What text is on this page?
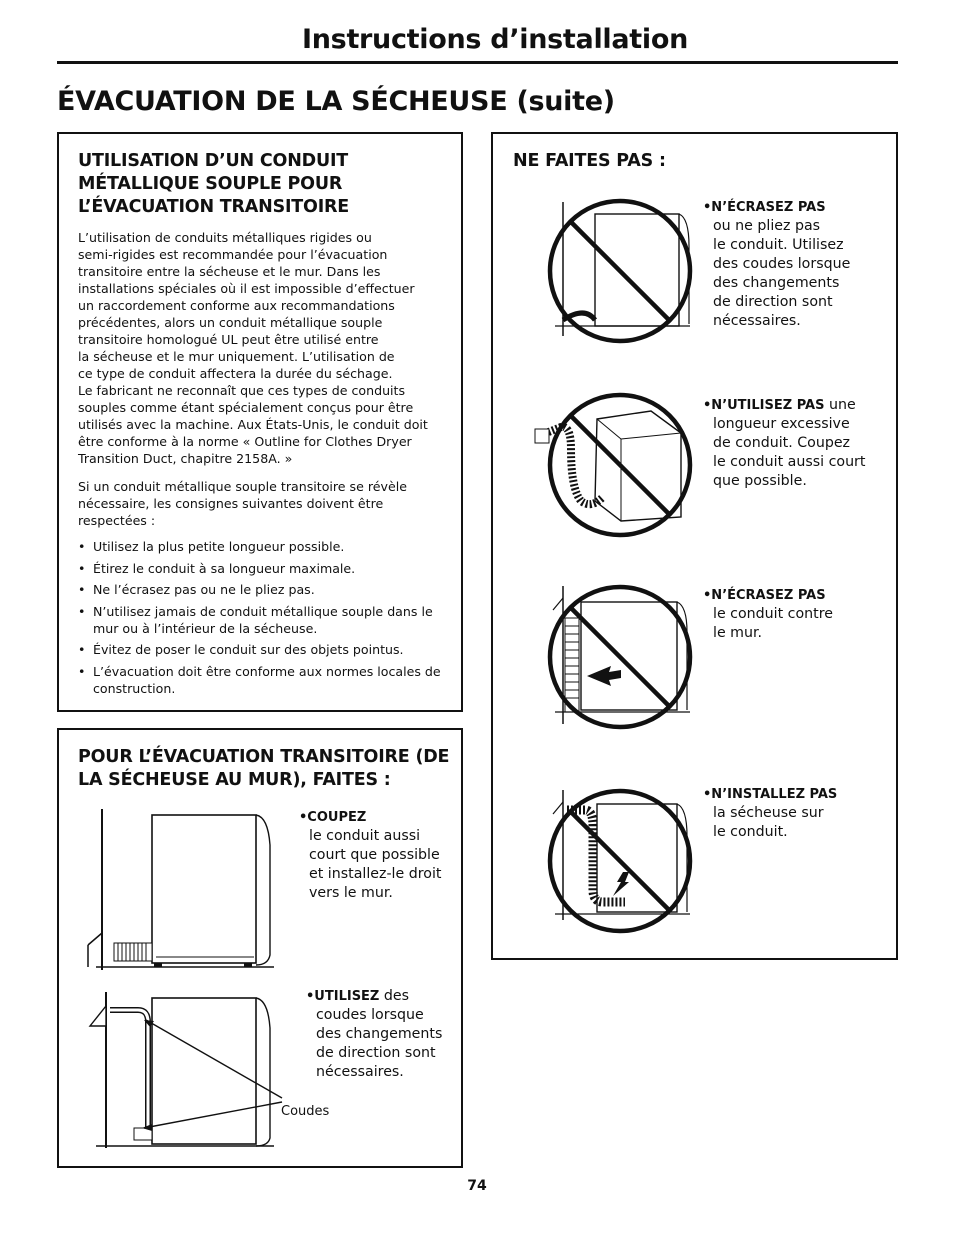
Instructions d’installation
ÉVACUATION DE LA SÉCHEUSE (suite)
UTILISATION D’UN CONDUIT MÉTALLIQUE SOUPLE POUR L’ÉVACUATION TRANSITOIRE

L’utilisation de conduits métalliques rigides ou
semi-rigides est recommandée pour l’évacuation
transitoire entre la sécheuse et le mur. Dans les
installations spéciales où il est impossible d’effectuer
un raccordement conforme aux recommandations
précédentes, alors un conduit métallique souple
transitoire homologué UL peut être utilisé entre
la sécheuse et le mur uniquement. L’utilisation de
ce type de conduit affectera la durée du séchage.
Le fabricant ne reconnaît que ces types de conduits
souples comme étant spécialement conçus pour être
utilisés avec la machine. Aux États-Unis, le conduit doit
être conforme à la norme « Outline for Clothes Dryer
Transition Duct, chapitre 2158A. »

Si un conduit métallique souple transitoire se révèle
nécessaire, les consignes suivantes doivent être
respectées :

• Utilisez la plus petite longueur possible.
• Étirez le conduit à sa longueur maximale.
• Ne l’écrasez pas ou ne le pliez pas.
• N’utilisez jamais de conduit métallique souple dans le mur ou à l’intérieur de la sécheuse.
• Évitez de poser le conduit sur des objets pointus.
• L’évacuation doit être conforme aux normes locales de construction.
POUR L’ÉVACUATION TRANSITOIRE (DE LA SÉCHEUSE AU MUR), FAITES :
•COUPEZ
le conduit aussi
court que possible
et installez-le droit
vers le mur.
•UTILISEZ des
coudes lorsque
des changements
de direction sont
nécessaires.
Coudes
NE FAITES PAS :
•N’ÉCRASEZ PAS
ou ne pliez pas
le conduit. Utilisez
des coudes lorsque
des changements
de direction sont
nécessaires.
•N’UTILISEZ PAS une
longueur excessive
de conduit. Coupez
le conduit aussi court
que possible.
•N’ÉCRASEZ PAS
le conduit contre
le mur.
•N’INSTALLEZ PAS
la sécheuse sur
le conduit.
74
